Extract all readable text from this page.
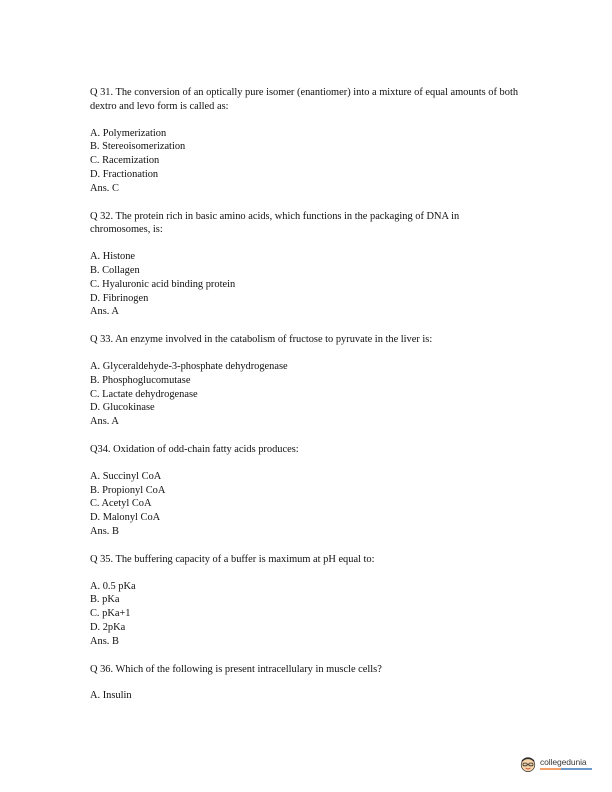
Q 31. The conversion of an optically pure isomer (enantiomer) into a mixture of equal amounts of both dextro and levo form is called as:

A. Polymerization

B. Stereoisomerization

C. Racemization

D. Fractionation

Ans. C

Q 32. The protein rich in basic amino acids, which functions in the packaging of DNA in chromosomes, is:

A. Histone

B. Collagen

C. Hyaluronic acid binding protein

D. Fibrinogen

Ans. A

Q 33. An enzyme involved in the catabolism of fructose to pyruvate in the liver is:

A. Glyceraldehyde-3-phosphate dehydrogenase

B. Phosphoglucomutase

C. Lactate dehydrogenase

D. Glucokinase

Ans. A

Q34. Oxidation of odd-chain fatty acids produces:

A. Succinyl CoA

B. Propionyl CoA

C. Acetyl CoA

D. Malonyl CoA

Ans. B

Q 35. The buffering capacity of a buffer is maximum at pH equal to:

A. 0.5 pKa

B. pKa

C. pKa+1

D. 2pKa

Ans. B

Q 36. Which of the following is present intracellulary in muscle cells?

A. Insulin

collegedunia
